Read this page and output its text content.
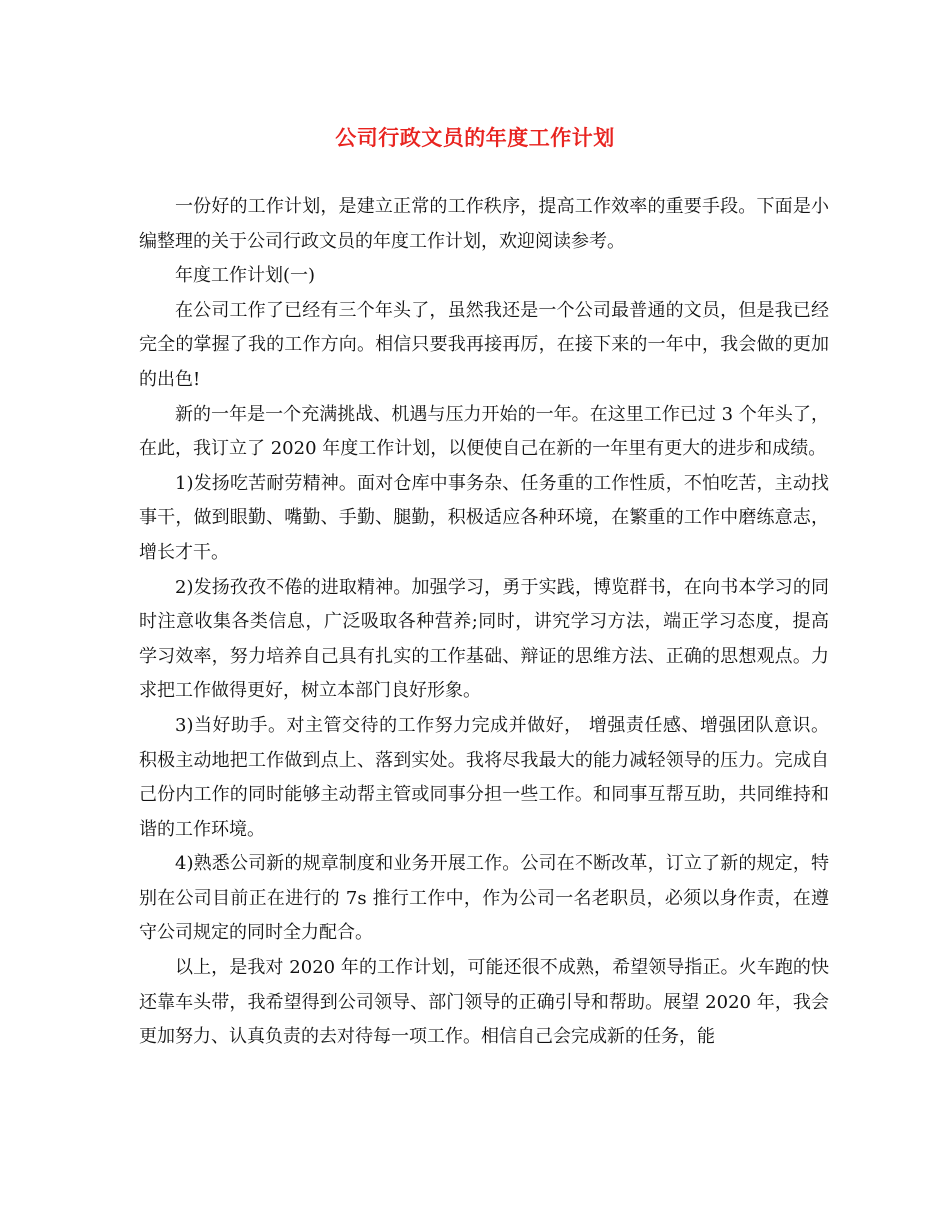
公司行政文员的年度工作计划

一份好的工作计划，是建立正常的工作秩序，提高工作效率的重要手段。下面是小编整理的关于公司行政文员的年度工作计划，欢迎阅读参考。

年度工作计划(一)

在公司工作了已经有三个年头了，虽然我还是一个公司最普通的文员，但是我已经完全的掌握了我的工作方向。相信只要我再接再厉，在接下来的一年中，我会做的更加的出色!

新的一年是一个充满挑战、机遇与压力开始的一年。在这里工作已过 3 个年头了，在此，我订立了 2020 年度工作计划，以便使自己在新的一年里有更大的进步和成绩。

1)发扬吃苦耐劳精神。面对仓库中事务杂、任务重的工作性质，不怕吃苦，主动找事干，做到眼勤、嘴勤、手勤、腿勤，积极适应各种环境，在繁重的工作中磨练意志，增长才干。

2)发扬孜孜不倦的进取精神。加强学习，勇于实践，博览群书，在向书本学习的同时注意收集各类信息，广泛吸取各种营养;同时，讲究学习方法，端正学习态度，提高学习效率，努力培养自己具有扎实的工作基础、辩证的思维方法、正确的思想观点。力求把工作做得更好，树立本部门良好形象。

3)当好助手。对主管交待的工作努力完成并做好， 增强责任感、增强团队意识。积极主动地把工作做到点上、落到实处。我将尽我最大的能力减轻领导的压力。完成自己份内工作的同时能够主动帮主管或同事分担一些工作。和同事互帮互助，共同维持和谐的工作环境。

4)熟悉公司新的规章制度和业务开展工作。公司在不断改革，订立了新的规定，特别在公司目前正在进行的 7s 推行工作中，作为公司一名老职员，必须以身作责，在遵守公司规定的同时全力配合。

以上，是我对 2020 年的工作计划，可能还很不成熟，希望领导指正。火车跑的快还靠车头带，我希望得到公司领导、部门领导的正确引导和帮助。展望 2020 年，我会更加努力、认真负责的去对待每一项工作。相信自己会完成新的任务，能
